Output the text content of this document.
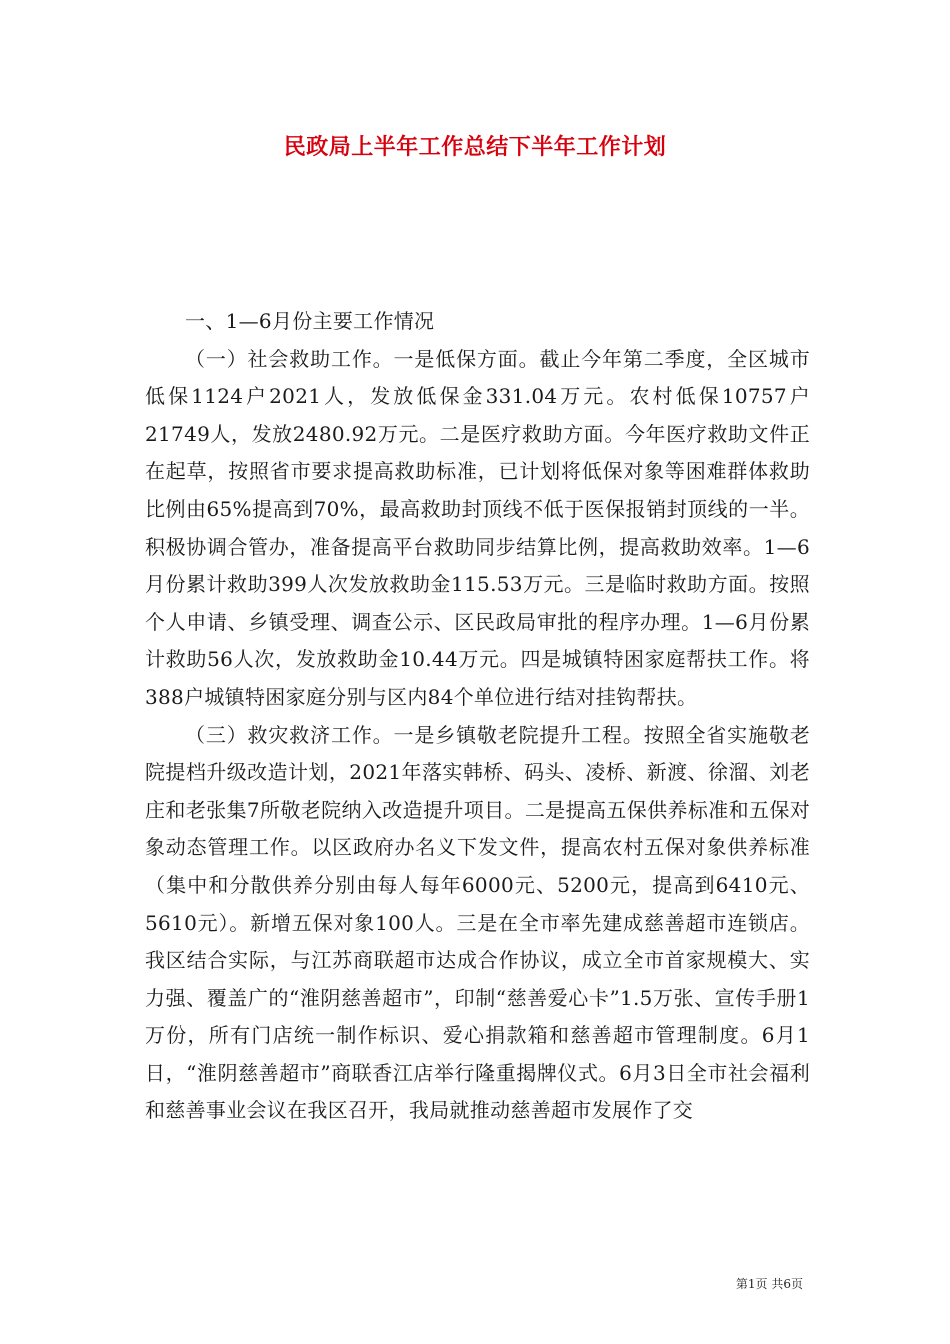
民政局上半年工作总结下半年工作计划

一、1—6月份主要工作情况

（一）社会救助工作。一是低保方面。截止今年第二季度，全区城市低保1124户2021人，发放低保金331.04万元。农村低保10757户21749人，发放2480.92万元。二是医疗救助方面。今年医疗救助文件正在起草，按照省市要求提高救助标准，已计划将低保对象等困难群体救助比例由65%提高到70%，最高救助封顶线不低于医保报销封顶线的一半。积极协调合管办，准备提高平台救助同步结算比例，提高救助效率。1—6月份累计救助399人次发放救助金115.53万元。三是临时救助方面。按照个人申请、乡镇受理、调查公示、区民政局审批的程序办理。1—6月份累计救助56人次，发放救助金10.44万元。四是城镇特困家庭帮扶工作。将388户城镇特困家庭分别与区内84个单位进行结对挂钩帮扶。

（三）救灾救济工作。一是乡镇敬老院提升工程。按照全省实施敬老院提档升级改造计划，2021年落实韩桥、码头、凌桥、新渡、徐溜、刘老庄和老张集7所敬老院纳入改造提升项目。二是提高五保供养标准和五保对象动态管理工作。以区政府办名义下发文件，提高农村五保对象供养标准（集中和分散供养分别由每人每年6000元、5200元，提高到6410元、5610元）。新增五保对象100人。三是在全市率先建成慈善超市连锁店。我区结合实际，与江苏商联超市达成合作协议，成立全市首家规模大、实力强、覆盖广的“淮阴慈善超市”，印制“慈善爱心卡”1.5万张、宣传手册1万份，所有门店统一制作标识、爱心捐款箱和慈善超市管理制度。6月1日，“淮阴慈善超市”商联香江店举行隆重揭牌仪式。6月3日全市社会福利和慈善事业会议在我区召开，我局就推动慈善超市发展作了交

第1页 共6页
